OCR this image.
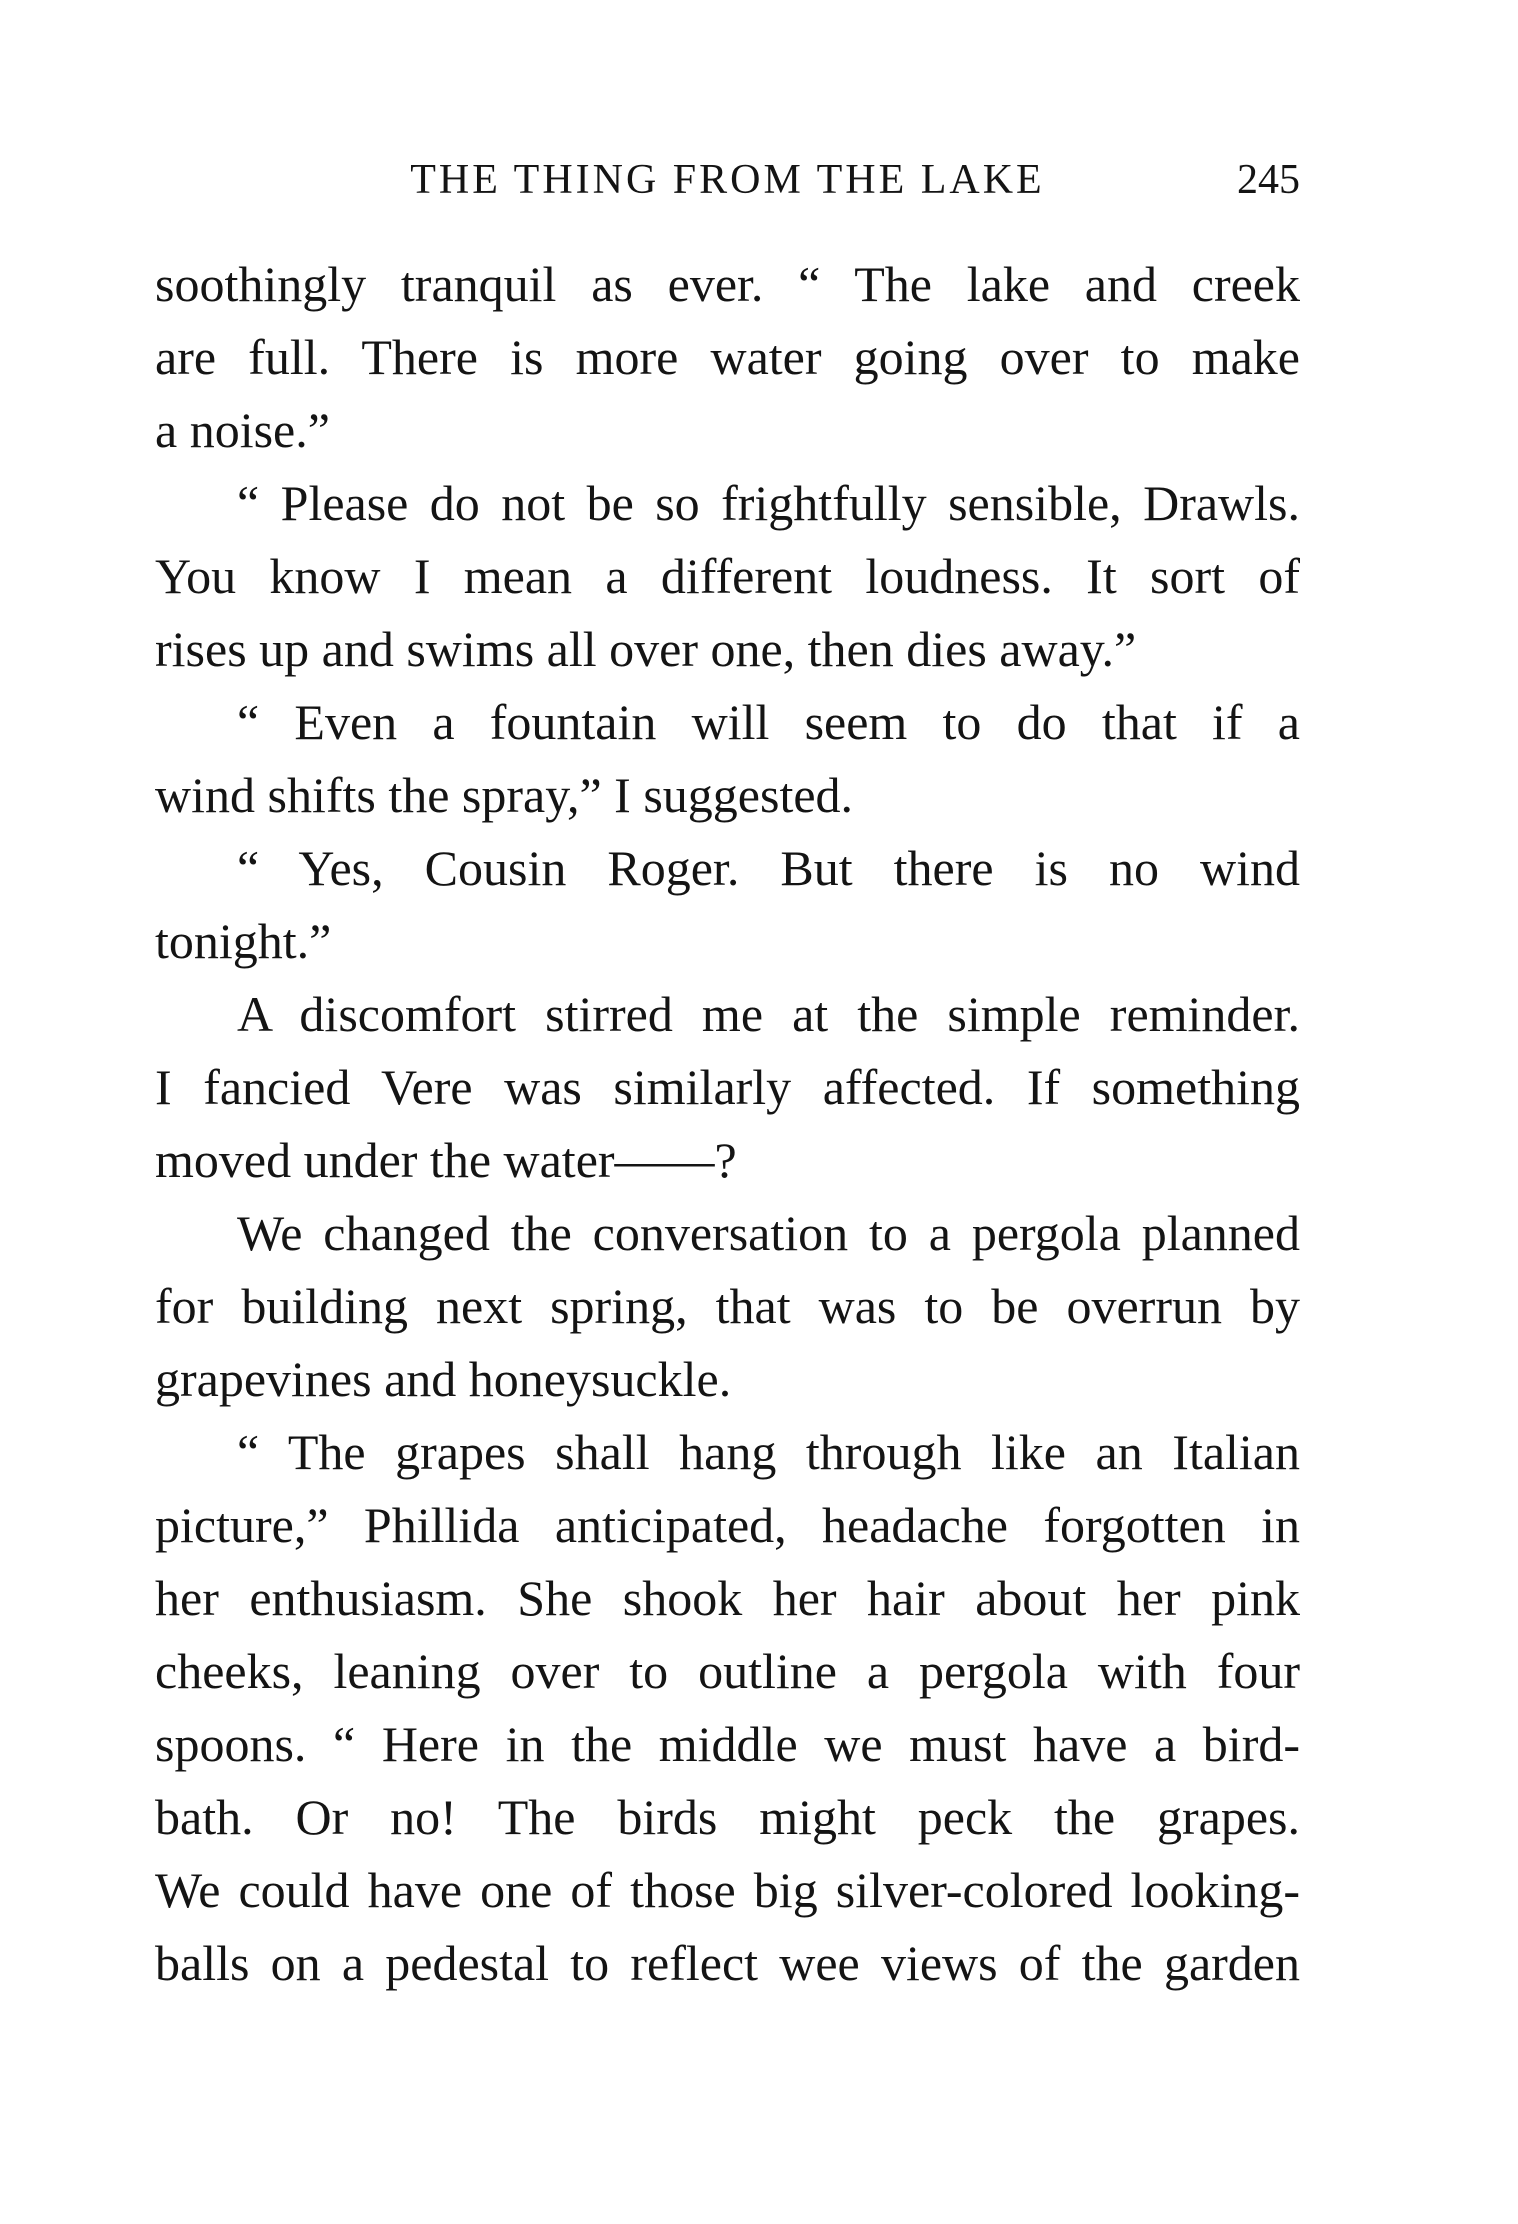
THE THING FROM THE LAKE	245
soothingly tranquil as ever. “ The lake and creek
are full. There is more water going over to make
a noise.”
“ Please do not be so frightfully sensible, Drawls.
You know I mean a different loudness. It sort of
rises up and swims all over one, then dies away.”
“ Even a fountain will seem to do that if a
wind shifts the spray,” I suggested.
“ Yes, Cousin Roger. But there is no wind
tonight.”
A discomfort stirred me at the simple reminder.
I fancied Vere was similarly affected. If something
moved under the water——?
We changed the conversation to a pergola planned
for building next spring, that was to be overrun by
grapevines and honeysuckle.
“ The grapes shall hang through like an Italian
picture,” Phillida anticipated, headache forgotten in
her enthusiasm. She shook her hair about her pink
cheeks, leaning over to outline a pergola with four
spoons. “ Here in the middle we must have a bird-
bath. Or no! The birds might peck the grapes.
We could have one of those big silver-colored looking-
balls on a pedestal to reflect wee views of the garden
